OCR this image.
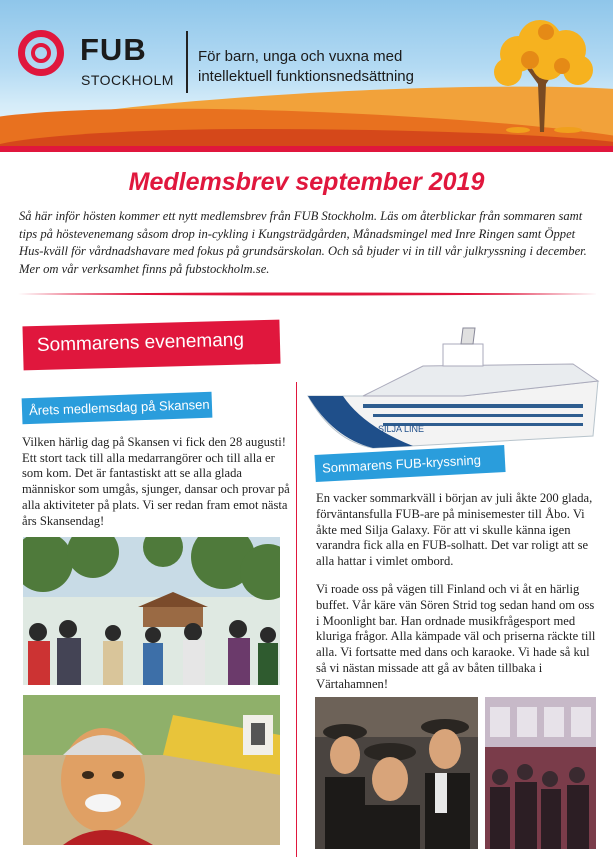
FUB
STOCKHOLM
För barn, unga och vuxna med intellektuell funktionsnedsättning
Medlemsbrev september 2019
Så här inför hösten kommer ett nytt medlemsbrev från FUB Stockholm. Läs om återblickar från sommaren samt tips på höstevenemang såsom drop in-cykling i Kungsträdgården, Månadsmingel med Inre Ringen samt Öppet Hus-kväll för vårdnadshavare med fokus på grundsärskolan. Och så bjuder vi in till vår julkryssning i december. Mer om vår verksamhet finns på fubstockholm.se.
Sommarens evenemang
Årets medlemsdag på Skansen
Vilken härlig dag på Skansen vi fick den 28 augusti! Ett stort tack till alla medarrangörer och till alla er som kom. Det är fantastiskt att se alla glada människor som umgås, sjunger, dansar och provar på alla aktiviteter på plats. Vi ser redan fram emot nästa års Skansendag!
SILJA LINE
Sommarens FUB-kryssning
En vacker sommarkväll i början av juli åkte 200 glada, förväntansfulla FUB-are på minisemester till Åbo. Vi åkte med Silja Galaxy. För att vi skulle känna igen varandra fick alla en FUB-solhatt. Det var roligt att se alla hattar i vimlet ombord.
Vi roade oss på vägen till Finland och vi åt en härlig buffet. Vår käre vän Sören Strid tog sedan hand om oss i Moonlight bar. Han ordnade musikfrågesport med kluriga frågor. Alla kämpade väl och priserna räckte till alla. Vi fortsatte med dans och karaoke. Vi hade så kul så vi nästan missade att gå av båten tillbaka i Värtahamnen!
